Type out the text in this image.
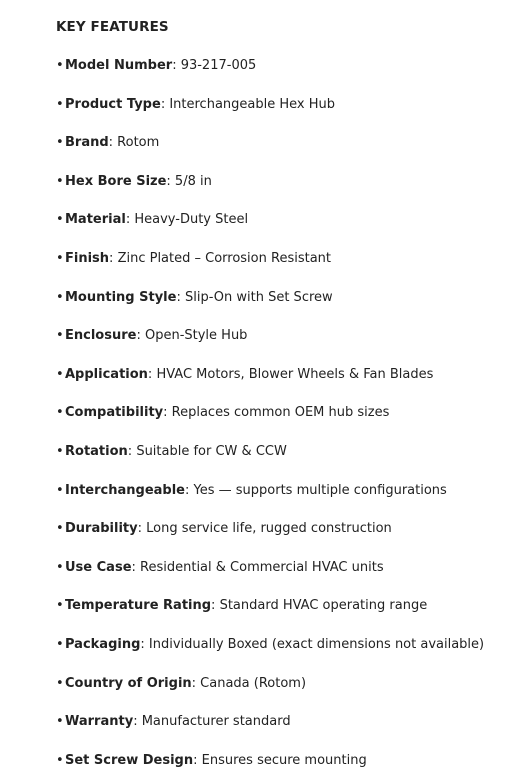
KEY FEATURES
•Model Number: 93-217-005
•Product Type: Interchangeable Hex Hub
•Brand: Rotom
•Hex Bore Size: 5/8 in
•Material: Heavy-Duty Steel
•Finish: Zinc Plated – Corrosion Resistant
•Mounting Style: Slip-On with Set Screw
•Enclosure: Open-Style Hub
•Application: HVAC Motors, Blower Wheels & Fan Blades
•Compatibility: Replaces common OEM hub sizes
•Rotation: Suitable for CW & CCW
•Interchangeable: Yes — supports multiple configurations
•Durability: Long service life, rugged construction
•Use Case: Residential & Commercial HVAC units
•Temperature Rating: Standard HVAC operating range
•Packaging: Individually Boxed (exact dimensions not available)
•Country of Origin: Canada (Rotom)
•Warranty: Manufacturer standard
•Set Screw Design: Ensures secure mounting
